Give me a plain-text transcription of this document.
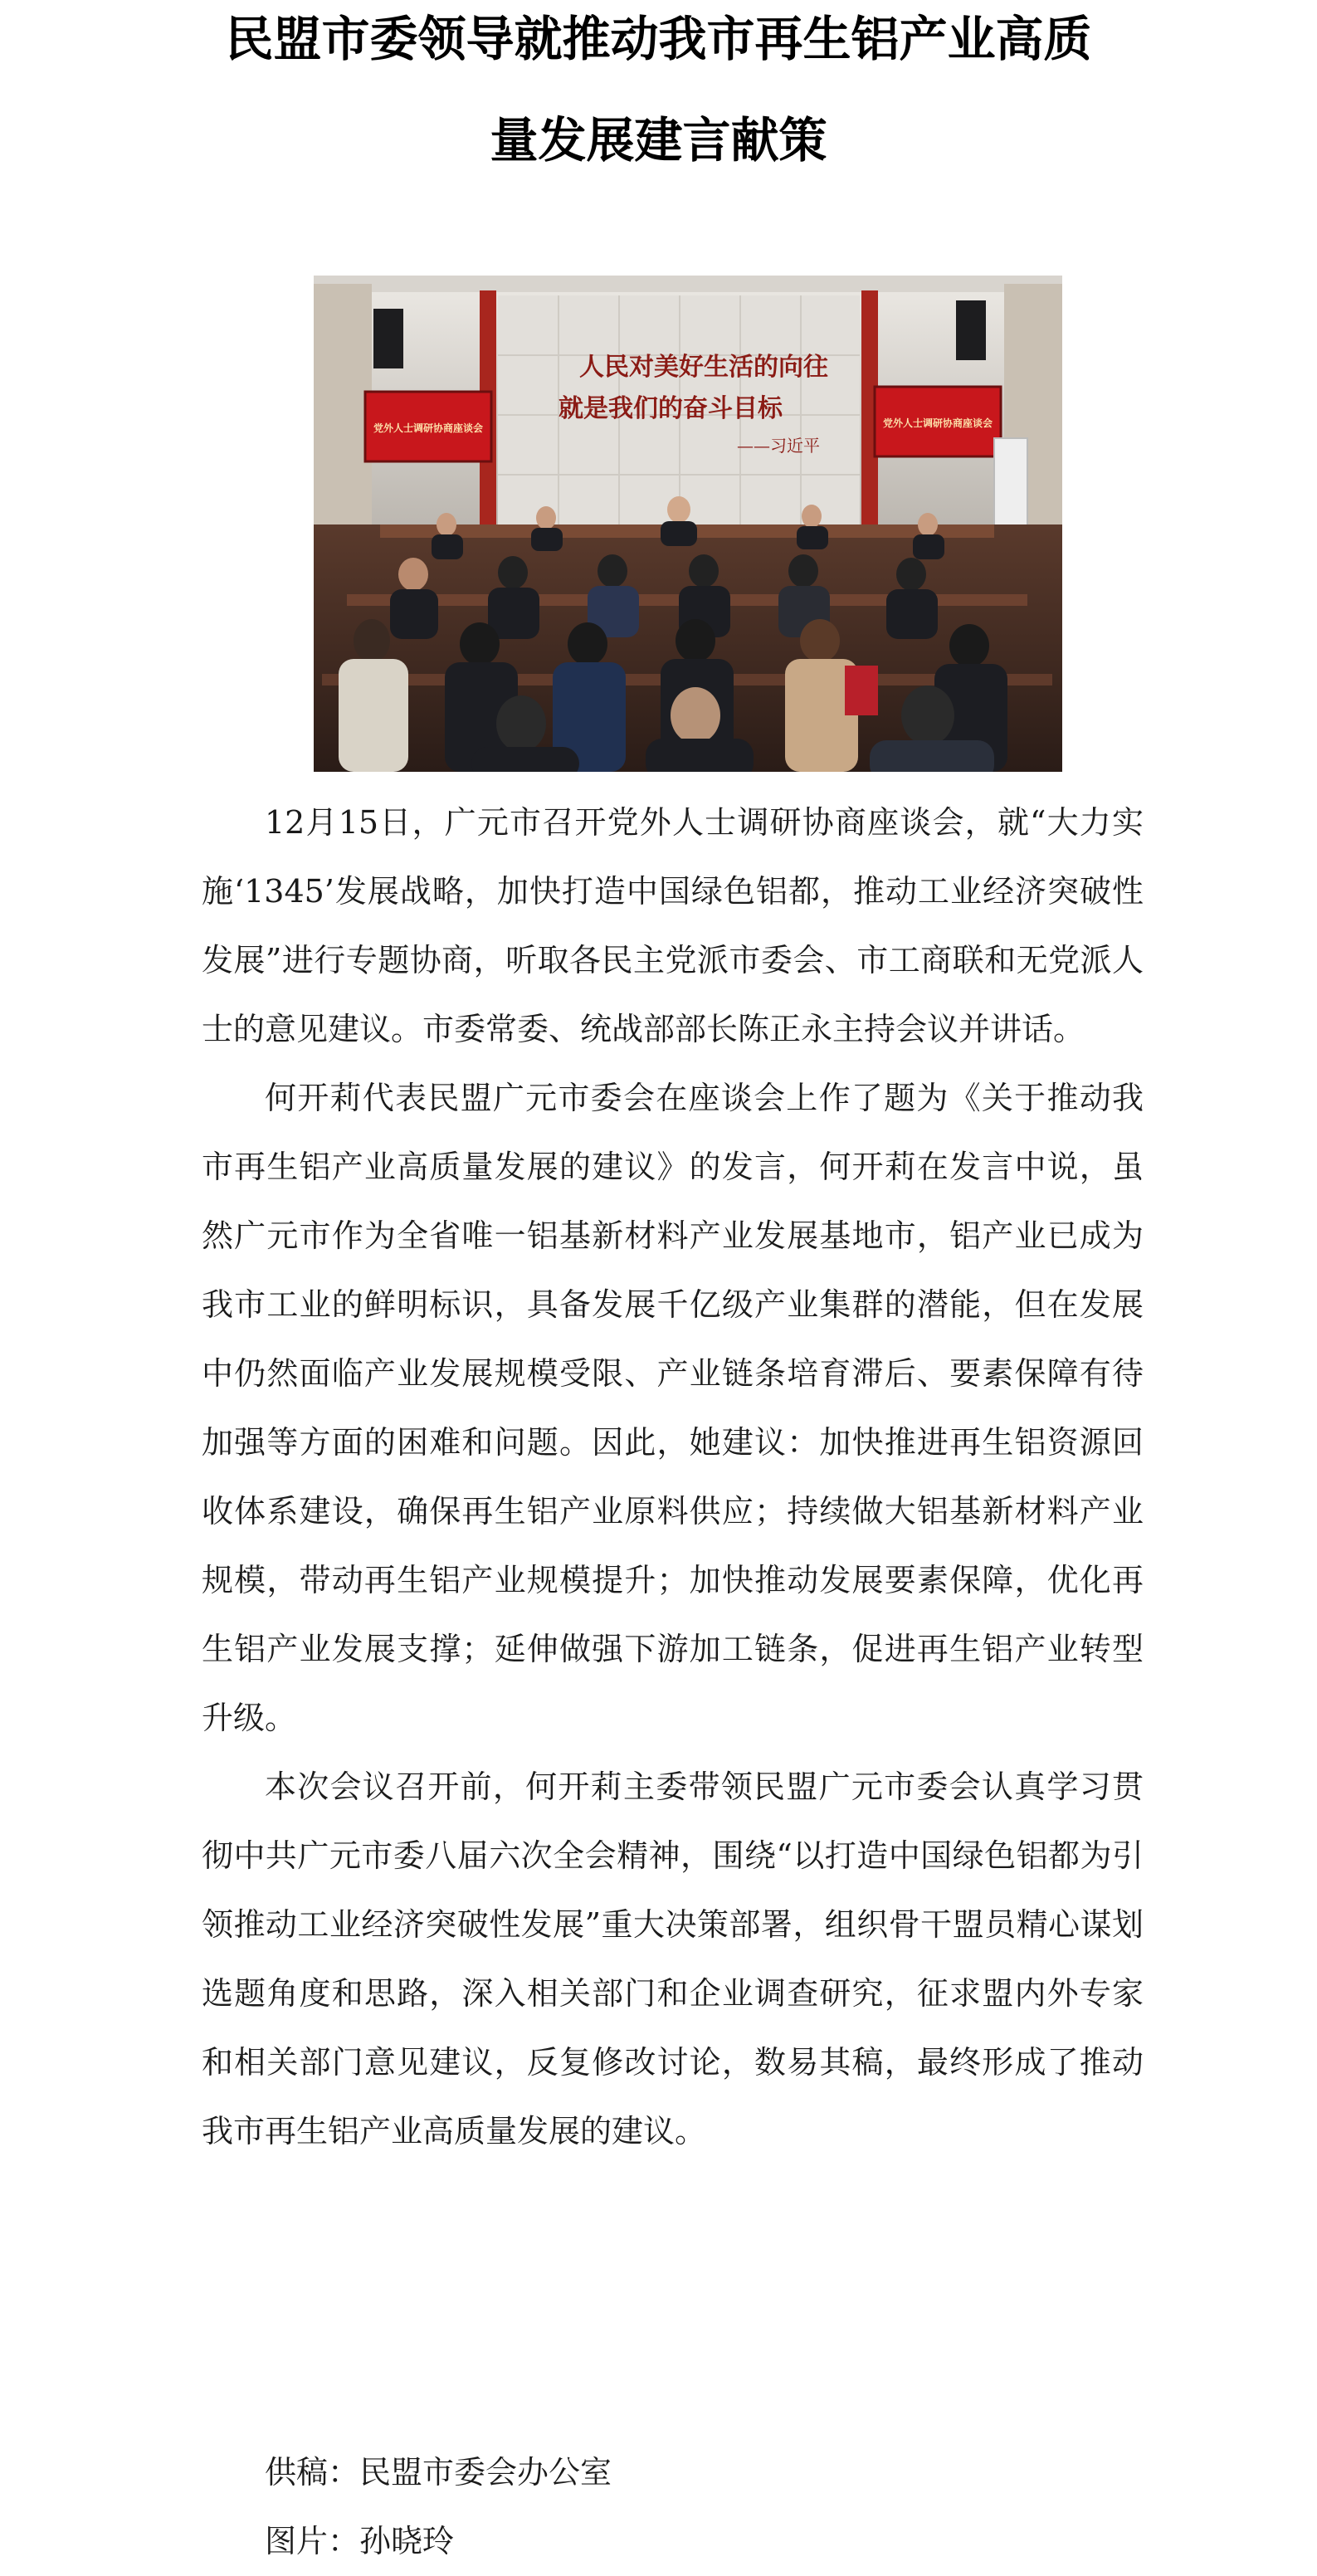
民盟市委领导就推动我市再生铝产业高质
量发展建言献策
人民对美好生活的向往
就是我们的奋斗目标
——习近平
党外人士调研协商座谈会	党外人士调研协商座谈会

12月15日，广元市召开党外人士调研协商座谈会，就“大力实施‘1345’发展战略，加快打造中国绿色铝都，推动工业经济突破性发展”进行专题协商，听取各民主党派市委会、市工商联和无党派人士的意见建议。市委常委、统战部部长陈正永主持会议并讲话。

何开莉代表民盟广元市委会在座谈会上作了题为《关于推动我市再生铝产业高质量发展的建议》的发言，何开莉在发言中说，虽然广元市作为全省唯一铝基新材料产业发展基地市，铝产业已成为我市工业的鲜明标识，具备发展千亿级产业集群的潜能，但在发展中仍然面临产业发展规模受限、产业链条培育滞后、要素保障有待加强等方面的困难和问题。因此，她建议：加快推进再生铝资源回收体系建设，确保再生铝产业原料供应；持续做大铝基新材料产业规模，带动再生铝产业规模提升；加快推动发展要素保障，优化再生铝产业发展支撑；延伸做强下游加工链条，促进再生铝产业转型升级。

本次会议召开前，何开莉主委带领民盟广元市委会认真学习贯彻中共广元市委八届六次全会精神，围绕“以打造中国绿色铝都为引领推动工业经济突破性发展”重大决策部署，组织骨干盟员精心谋划选题角度和思路，深入相关部门和企业调查研究，征求盟内外专家和相关部门意见建议，反复修改讨论，数易其稿，最终形成了推动我市再生铝产业高质量发展的建议。

供稿：民盟市委会办公室
图片：孙晓玲
